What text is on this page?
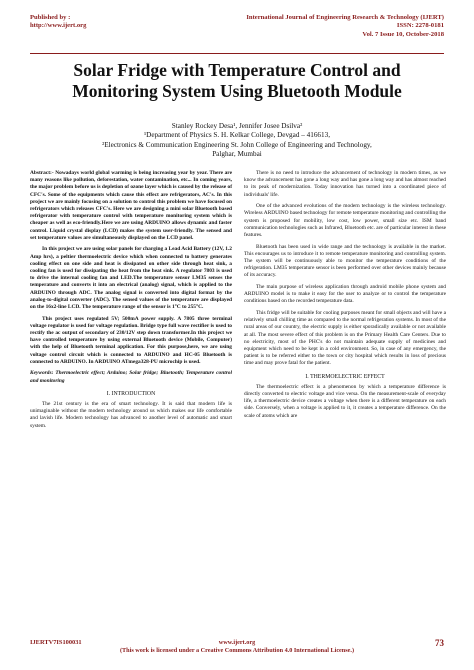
Published by :
http://www.ijert.org
International Journal of Engineering Research & Technology (IJERT)
ISSN: 2278-0181
Vol. 7 Issue 10, October-2018
Solar Fridge with Temperature Control and Monitoring System Using Bluetooth Module
Stanley Rockey Desa¹, Jennifer Josee Dsilva²
¹Department of Physics S. H. Kelkar College, Devgad – 416613,
²Electronics & Communication Engineering St. John College of Engineering and Technology,
Palghar, Mumbai

Abstract:- Nowadays world global warming is being increasing year by year. There are many reasons like pollution, deforestation, water contamination, etc... In coming years, the major problem before us is depletion of ozone layer which is caused by the release of CFC's. Some of the equipments which cause this effect are refrigerators, AC's. In this project we are mainly focusing on a solution to control this problem we have focused on refrigerators which releases CFC's. Here we are designing a mini solar Bluetooth based refrigerator with temperature control with temperature monitoring system which is cheaper as well as eco-friendly.Here we are using ARDUINO allows dynamic and faster control. Liquid crystal display (LCD) makes the system user-friendly. The sensed and set temperature values are simultaneously displayed on the LCD panel.

In this project we are using solar panels for charging a Lead Acid Battery (12V, 1.2 Amp hrs), a peltier thermoelectric device which when connected to battery generates cooling effect on one side and heat is dissipated on other side through heat sink, a cooling fan is used for dissipating the heat from the heat sink. A regulator 7803 is used to drive the internal cooling fan and LED.The temperature sensor LM35 senses the temperature and converts it into an electrical (analog) signal, which is applied to the ARDUINO through ADC. The analog signal is converted into digital format by the analog-to-digital converter (ADC). The sensed values of the temperature are displayed on the 16x2-line LCD. The temperature range of the sensor is 1°C to 255°C.

This project uses regulated 5V; 500mA power supply. A 7805 three terminal voltage regulator is used for voltage regulation. Bridge type full wave rectifier is used to rectify the ac output of secondary of 230/12V step down transformer.In this project we have controlled temperature by using external Bluetooth device (Mobile, Computer) with the help of Bluetooth terminal application. For this purpose,here, we are using voltage control circuit which is connected to ARDUINO and HC-05 Bluetooth is connected to ARDUINO. In ARDUINO ATmega328-PU microchip is used.

Keywords: Thermoelectric effect; Arduino; Solar fridge; Bluetooth; Temperature control and monitoring

I. INTRODUCTION

The 21st century is the era of smart technology. It is said that modern life is unimaginable without the modern technology around us which makes our life comfortable and lavish life. Modern technology has advanced to another level of automatic and smart system.

There is no need to introduce the advancement of technology in modern times, as we know the advancement has gone a long way and has gone a long way and has almost reached to its peak of modernization. Today innovation has turned into a coordinated piece of individuals' life.

One of the advanced evolutions of the modern technology is the wireless technology. Wireless ARDUINO based technology for remote temperature monitoring and controlling the system is proposed for mobility, low cost, low power, small size etc. ISM band communication technologies such as Infrared, Bluetooth etc. are of particular interest in these features.

Bluetooth has been used in wide range and the technology is available in the market. This encourages us to introduce it to remote temperature monitoring and controlling system. The system will be continuously able to monitor the temperature conditions of the refrigeration. LM35 temperature sensor is been performed over other devices mainly because of its accuracy.

The main purpose of wireless application through android mobile phone system and ARDUINO model is to make it easy for the user to analyze or to control the temperature conditions based on the recorded temperature data.

This fridge will be suitable for cooling purposes meant for small objects and will have a relatively small chilling time as compared to the normal refrigeration systems. In most of the rural areas of our country, the electric supply is either sporadically available or not available at all. The most severe effect of this problem is on the Primary Health Care Centers. Due to no electricity, most of the PHC's do not maintain adequate supply of medicines and equipment which need to be kept in a cold environment. So, in case of any emergency, the patient is to be referred either to the town or city hospital which results in loss of precious time and may prove fatal for the patient.

I. THERMOELECTRIC EFFECT

The thermoelectric effect is a phenomenon by which a temperature difference is directly converted to electric voltage and vice versa. On the measurement-scale of everyday life, a thermoelectric device creates a voltage when there is a different temperature on each side. Conversely, when a voltage is applied to it, it creates a temperature difference. On the scale of atoms which are

IJERTV7IS100031	www.ijert.org
(This work is licensed under a Creative Commons Attribution 4.0 International License.)
73
